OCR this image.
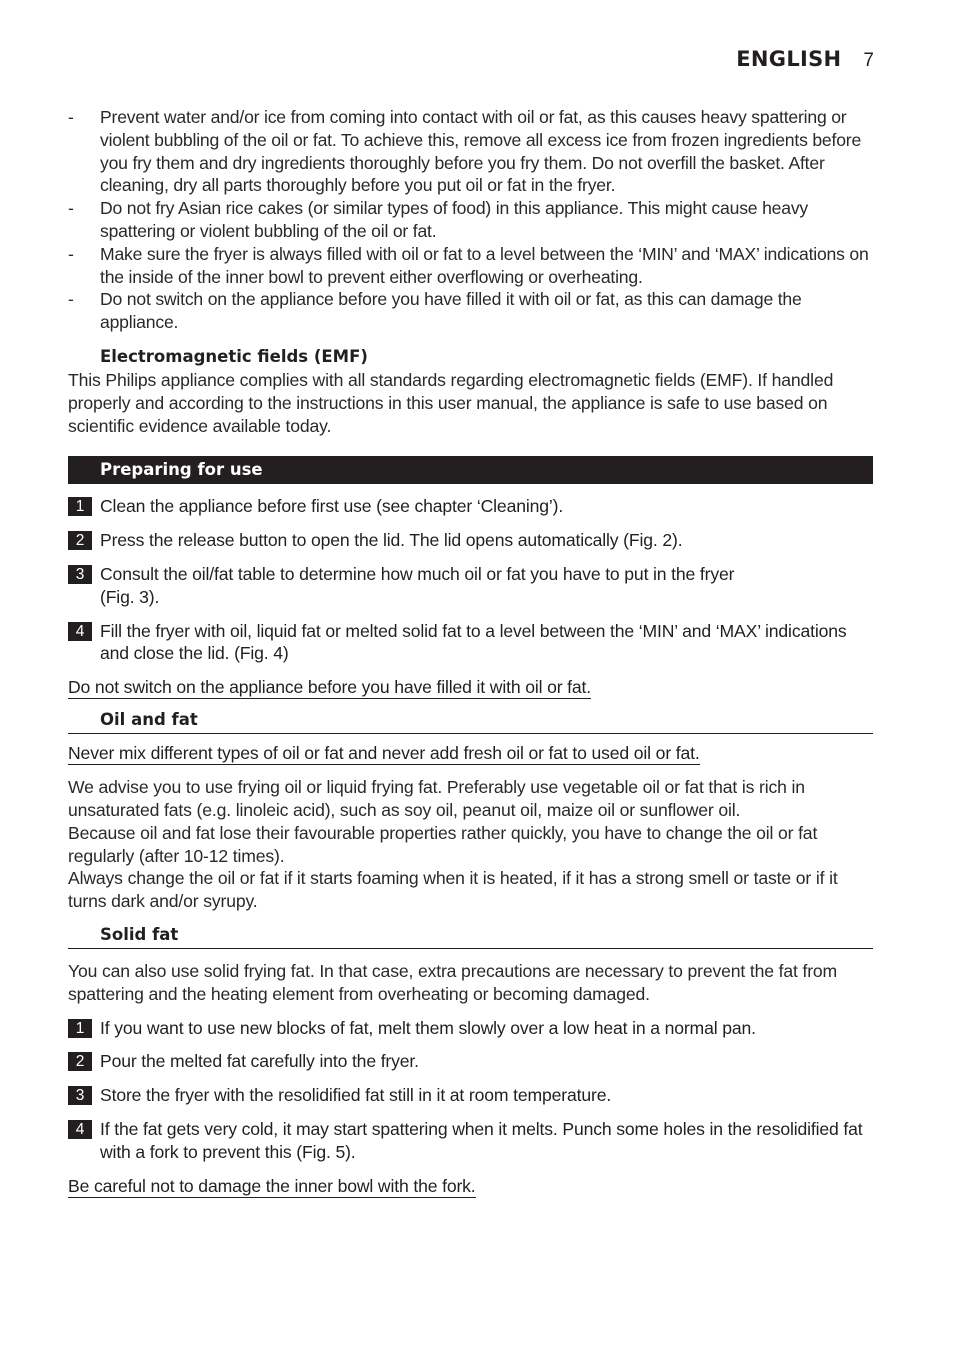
ENGLISH 7
- Prevent water and/or ice from coming into contact with oil or fat, as this causes heavy spattering or violent bubbling of the oil or fat. To achieve this, remove all excess ice from frozen ingredients before you fry them and dry ingredients thoroughly before you fry them. Do not overfill the basket. After cleaning, dry all parts thoroughly before you put oil or fat in the fryer.
- Do not fry Asian rice cakes (or similar types of food) in this appliance. This might cause heavy spattering or violent bubbling of the oil or fat.
- Make sure the fryer is always filled with oil or fat to a level between the ‘MIN’ and ‘MAX’ indications on the inside of the inner bowl to prevent either overflowing or overheating.
- Do not switch on the appliance before you have filled it with oil or fat, as this can damage the appliance.
Electromagnetic fields (EMF)

This Philips appliance complies with all standards regarding electromagnetic fields (EMF). If handled properly and according to the instructions in this user manual, the appliance is safe to use based on scientific evidence available today.

Preparing for use
1 Clean the appliance before first use (see chapter ‘Cleaning’).
2 Press the release button to open the lid. The lid opens automatically (Fig. 2).
3 Consult the oil/fat table to determine how much oil or fat you have to put in the fryer (Fig. 3).
4 Fill the fryer with oil, liquid fat or melted solid fat to a level between the ‘MIN’ and ‘MAX’ indications and close the lid. (Fig. 4)
Do not switch on the appliance before you have filled it with oil or fat.
Oil and fat
Never mix different types of oil or fat and never add fresh oil or fat to used oil or fat.

We advise you to use frying oil or liquid frying fat. Preferably use vegetable oil or fat that is rich in unsaturated fats (e.g. linoleic acid), such as soy oil, peanut oil, maize oil or sunflower oil.

Because oil and fat lose their favourable properties rather quickly, you have to change the oil or fat regularly (after 10-12 times).

Always change the oil or fat if it starts foaming when it is heated, if it has a strong smell or taste or if it turns dark and/or syrupy.

Solid fat

You can also use solid frying fat. In that case, extra precautions are necessary to prevent the fat from spattering and the heating element from overheating or becoming damaged.

1 If you want to use new blocks of fat, melt them slowly over a low heat in a normal pan.
2 Pour the melted fat carefully into the fryer.
3 Store the fryer with the resolidified fat still in it at room temperature.
4 If the fat gets very cold, it may start spattering when it melts. Punch some holes in the resolidified fat with a fork to prevent this (Fig. 5).
Be careful not to damage the inner bowl with the fork.
